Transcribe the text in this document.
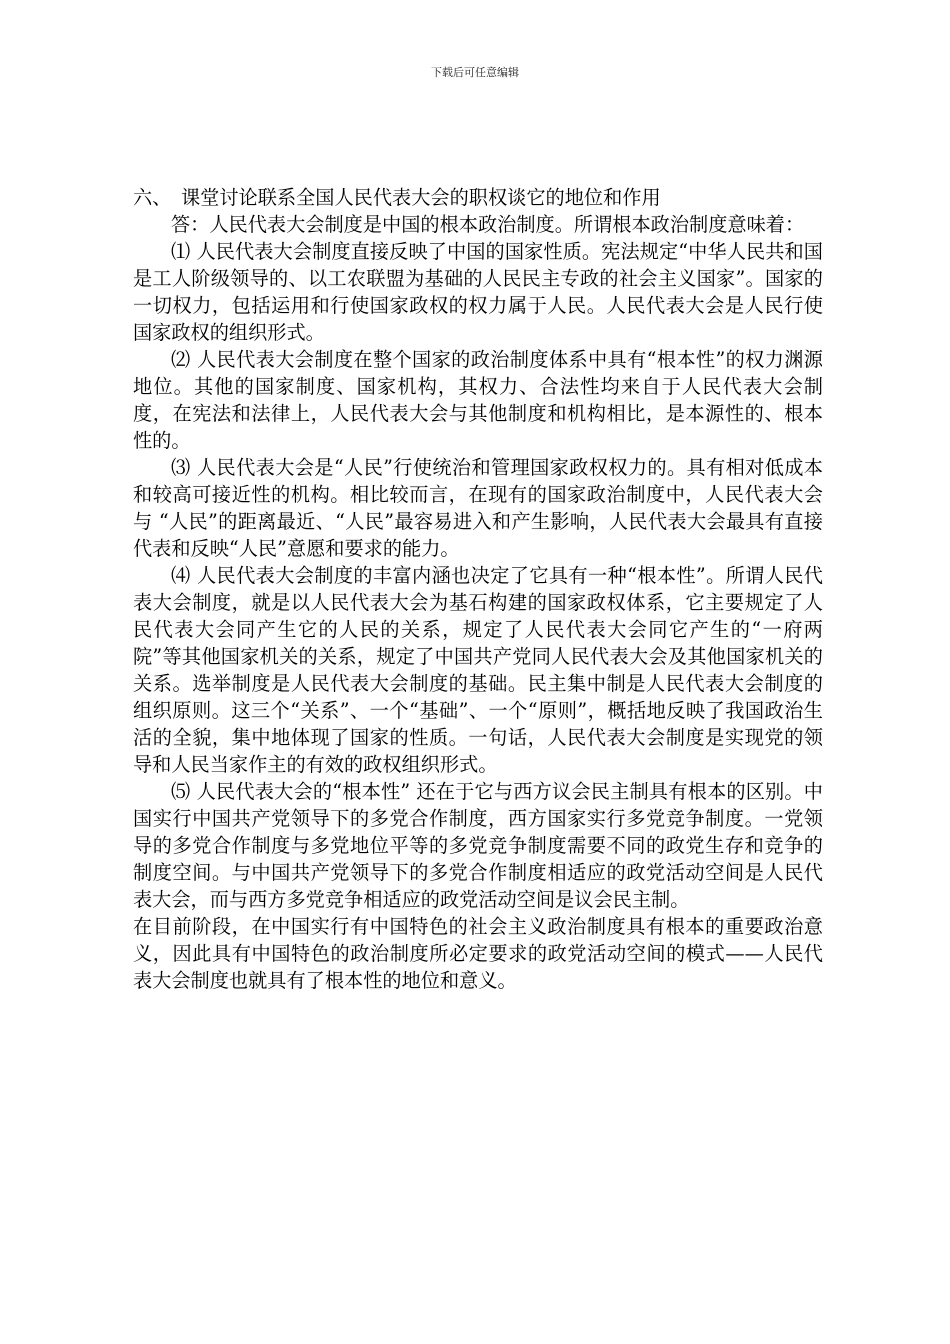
下载后可任意编辑

六、 课堂讨论联系全国人民代表大会的职权谈它的地位和作用

答：人民代表大会制度是中国的根本政治制度。所谓根本政治制度意味着：

⑴ 人民代表大会制度直接反映了中国的国家性质。宪法规定“中华人民共和国是工人阶级领导的、以工农联盟为基础的人民民主专政的社会主义国家”。国家的一切权力，包括运用和行使国家政权的权力属于人民。人民代表大会是人民行使国家政权的组织形式。

⑵ 人民代表大会制度在整个国家的政治制度体系中具有“根本性”的权力渊源地位。其他的国家制度、国家机构，其权力、合法性均来自于人民代表大会制度，在宪法和法律上，人民代表大会与其他制度和机构相比，是本源性的、根本性的。

⑶ 人民代表大会是“人民”行使统治和管理国家政权权力的。具有相对低成本和较高可接近性的机构。相比较而言，在现有的国家政治制度中，人民代表大会与 “人民”的距离最近、“人民”最容易进入和产生影响，人民代表大会最具有直接代表和反映“人民”意愿和要求的能力。

⑷ 人民代表大会制度的丰富内涵也决定了它具有一种“根本性”。所谓人民代表大会制度，就是以人民代表大会为基石构建的国家政权体系，它主要规定了人民代表大会同产生它的人民的关系，规定了人民代表大会同它产生的“一府两院”等其他国家机关的关系，规定了中国共产党同人民代表大会及其他国家机关的关系。选举制度是人民代表大会制度的基础。民主集中制是人民代表大会制度的组织原则。这三个“关系”、一个“基础”、一个“原则”，概括地反映了我国政治生活的全貌，集中地体现了国家的性质。一句话，人民代表大会制度是实现党的领导和人民当家作主的有效的政权组织形式。

⑸ 人民代表大会的“根本性” 还在于它与西方议会民主制具有根本的区别。中国实行中国共产党领导下的多党合作制度，西方国家实行多党竞争制度。一党领导的多党合作制度与多党地位平等的多党竞争制度需要不同的政党生存和竞争的制度空间。与中国共产党领导下的多党合作制度相适应的政党活动空间是人民代表大会，而与西方多党竞争相适应的政党活动空间是议会民主制。

在目前阶段，在中国实行有中国特色的社会主义政治制度具有根本的重要政治意义，因此具有中国特色的政治制度所必定要求的政党活动空间的模式——人民代表大会制度也就具有了根本性的地位和意义。
